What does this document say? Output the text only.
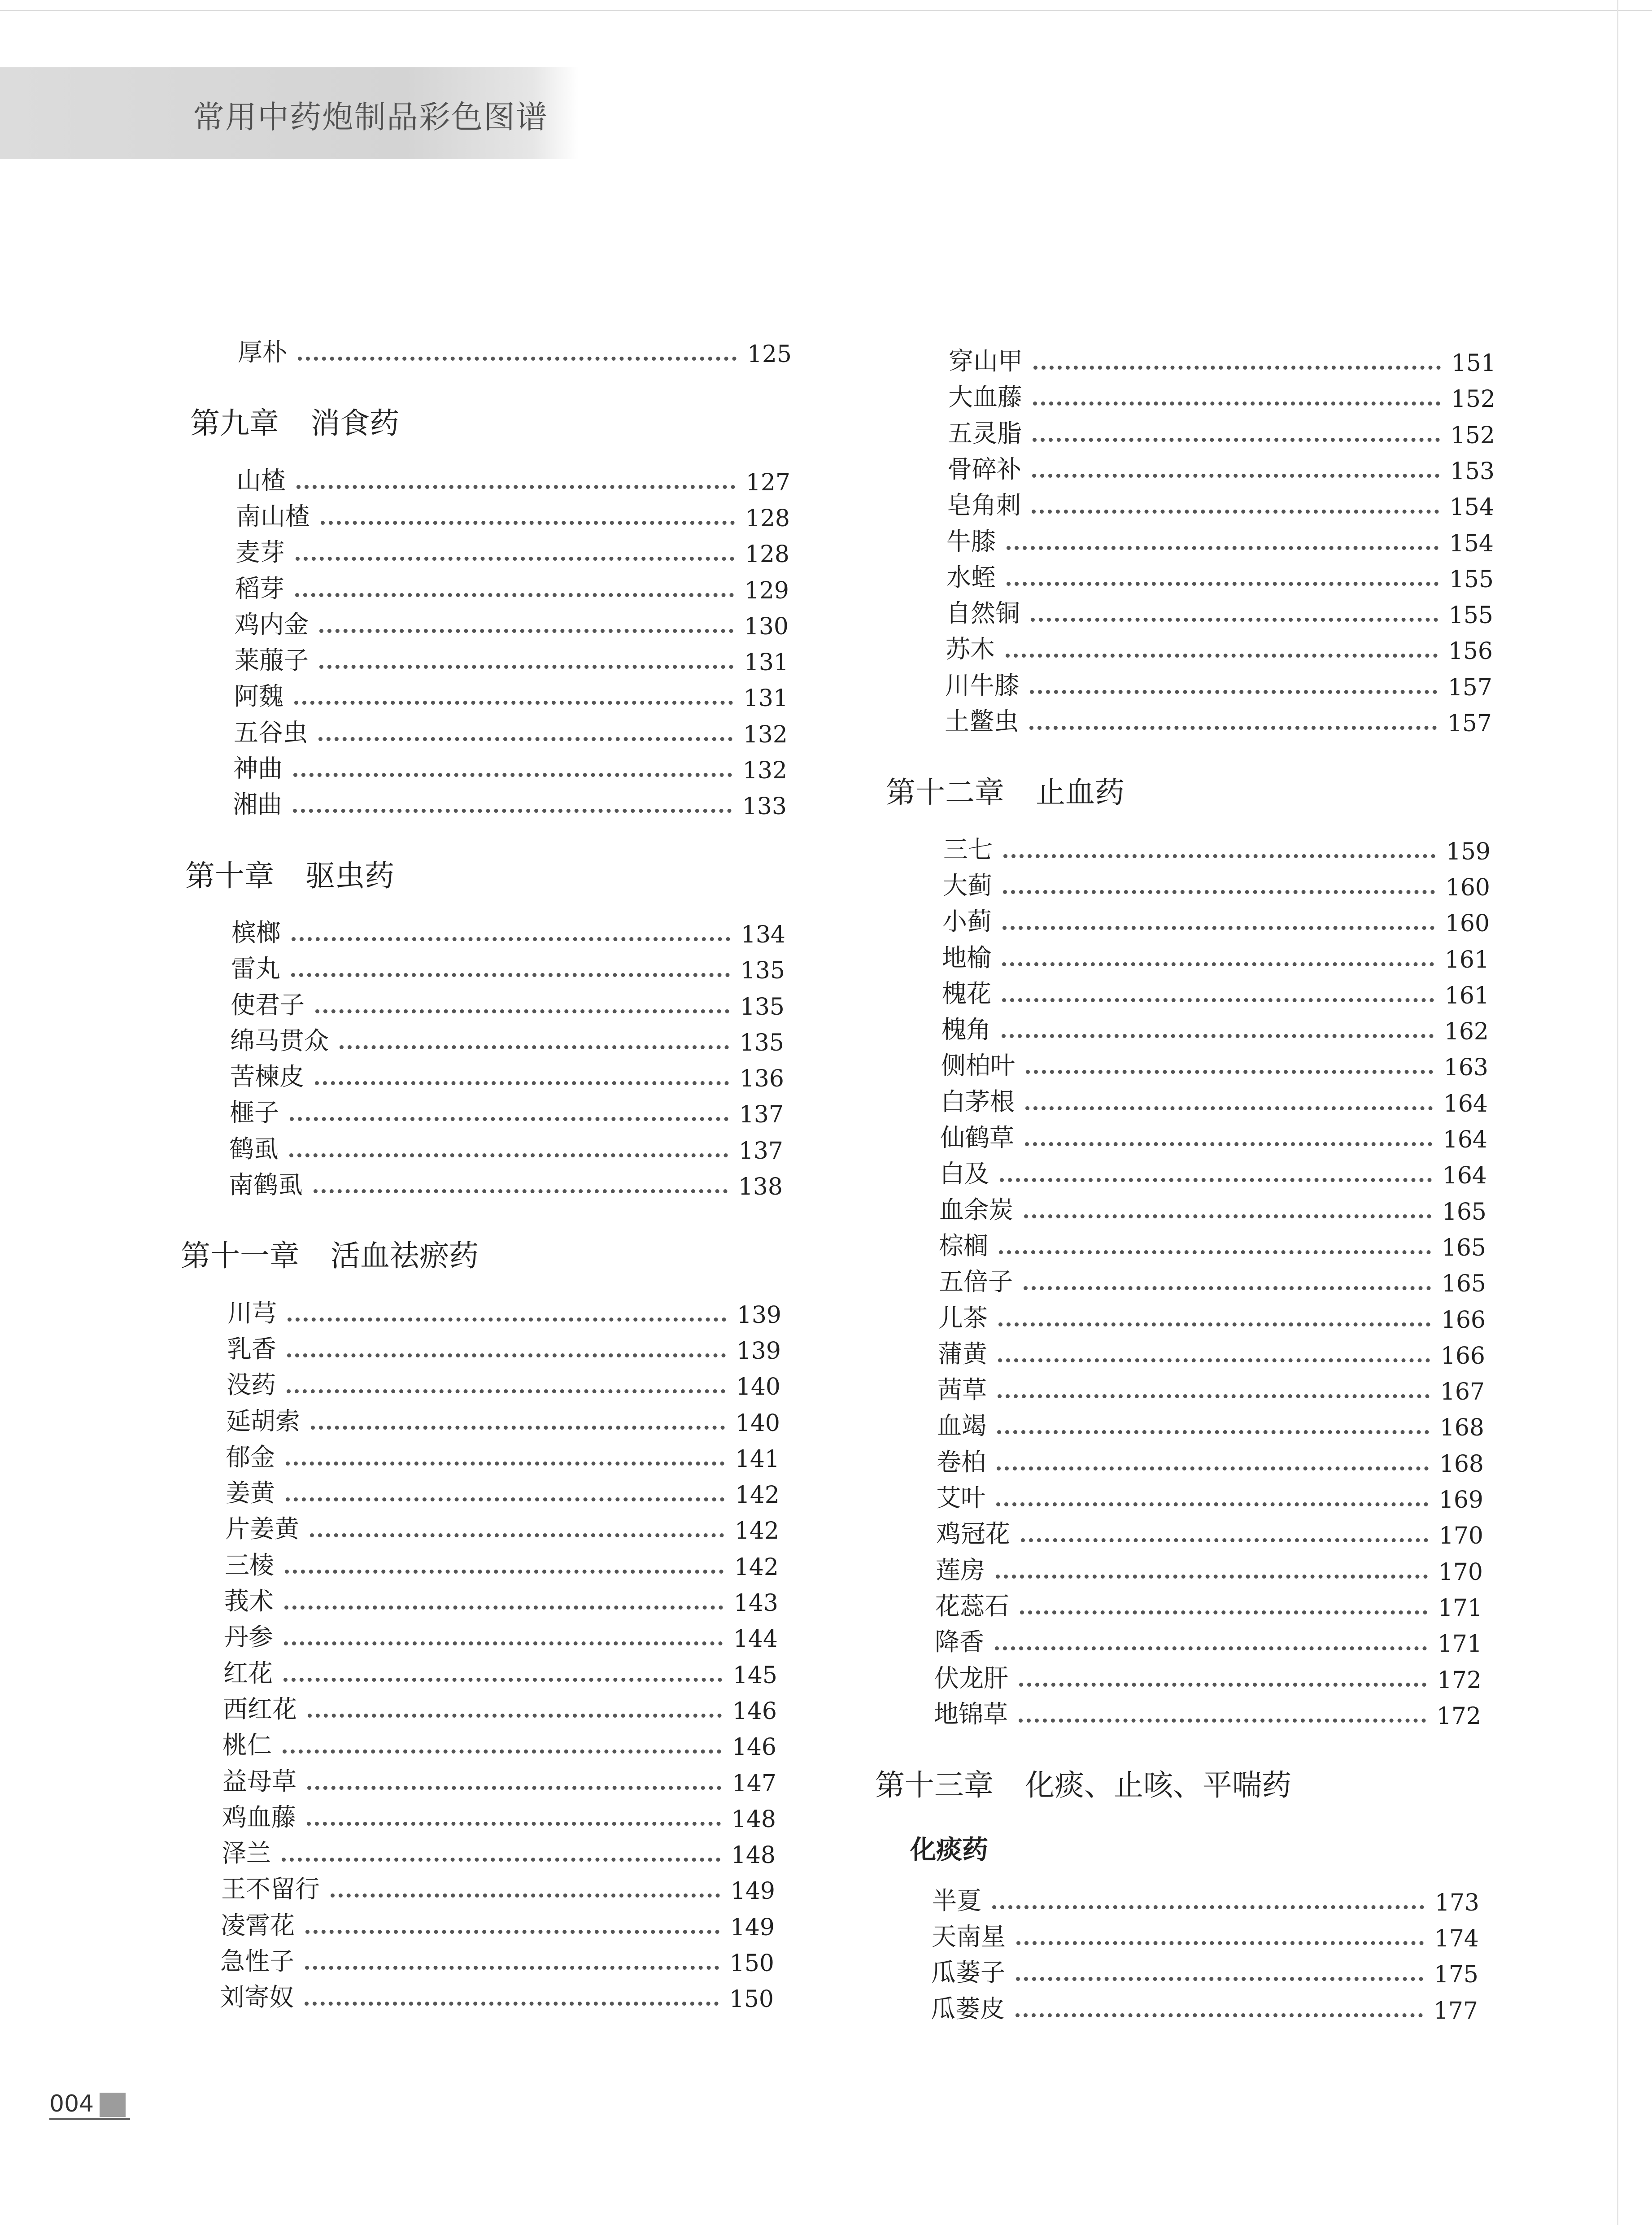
常用中药炮制品彩色图谱
厚朴	125
第九章 消食药
山楂	127
南山楂	128
麦芽	128
稻芽	129
鸡内金	130
莱菔子	131
阿魏	131
五谷虫	132
神曲	132
湘曲	133
第十章 驱虫药
槟榔	134
雷丸	135
使君子	135
绵马贯众	135
苦楝皮	136
榧子	137
鹤虱	137
南鹤虱	138
第十一章 活血祛瘀药
川芎	139
乳香	139
没药	140
延胡索	140
郁金	141
姜黄	142
片姜黄	142
三棱	142
莪术	143
丹参	144
红花	145
西红花	146
桃仁	146
益母草	147
鸡血藤	148
泽兰	148
王不留行	149
凌霄花	149
急性子	150
刘寄奴	150
穿山甲	151
大血藤	152
五灵脂	152
骨碎补	153
皂角刺	154
牛膝	154
水蛭	155
自然铜	155
苏木	156
川牛膝	157
土鳖虫	157
第十二章 止血药
三七	159
大蓟	160
小蓟	160
地榆	161
槐花	161
槐角	162
侧柏叶	163
白茅根	164
仙鹤草	164
白及	164
血余炭	165
棕榈	165
五倍子	165
儿茶	166
蒲黄	166
茜草	167
血竭	168
卷柏	168
艾叶	169
鸡冠花	170
莲房	170
花蕊石	171
降香	171
伏龙肝	172
地锦草	172
第十三章 化痰、止咳、平喘药
化痰药
半夏	173
天南星	174
瓜蒌子	175
瓜蒌皮	177
004
